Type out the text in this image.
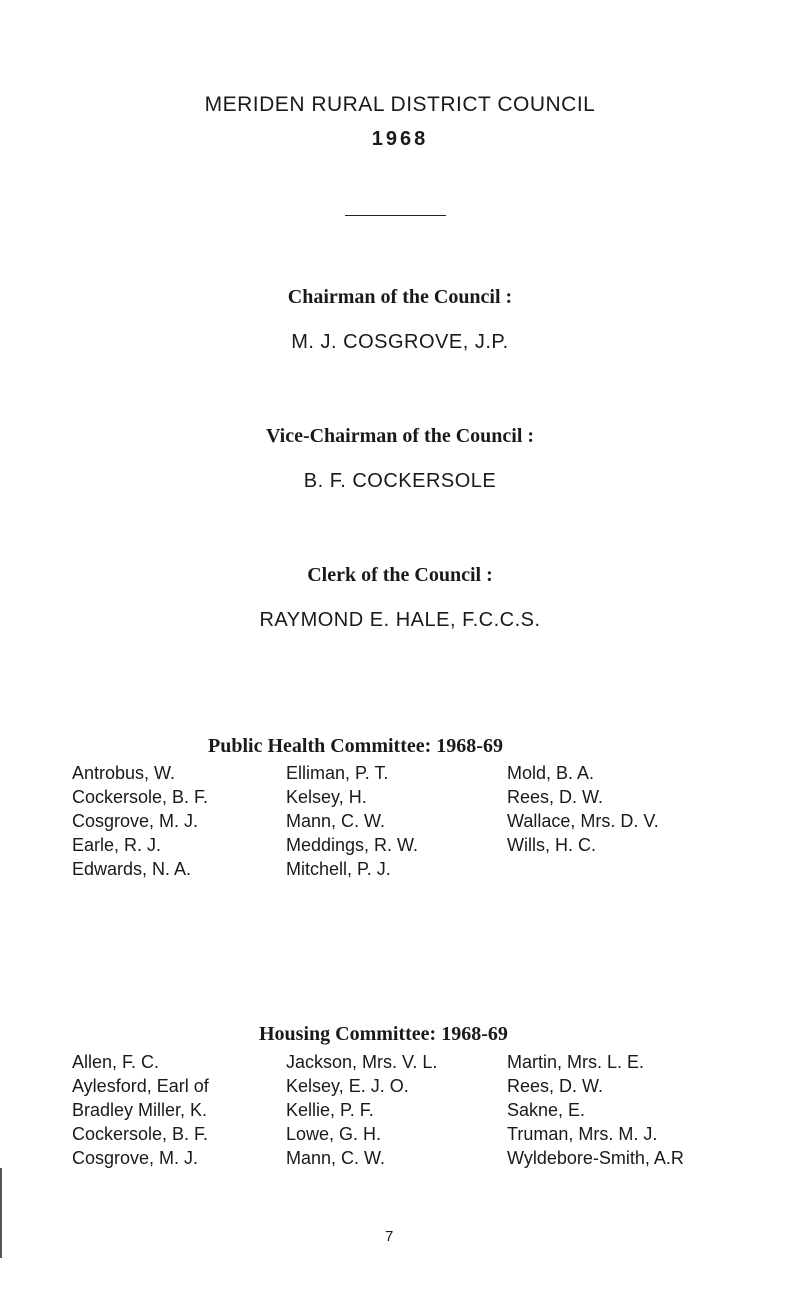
MERIDEN RURAL DISTRICT COUNCIL
1968
Chairman of the Council :
M. J. COSGROVE, J.P.
Vice-Chairman of the Council :
B. F. COCKERSOLE
Clerk of the Council :
RAYMOND E. HALE, F.C.C.S.
Public Health Committee: 1968-69
Antrobus, W.
Cockersole, B. F.
Cosgrove, M. J.
Earle, R. J.
Edwards, N. A.
Elliman, P. T.
Kelsey, H.
Mann, C. W.
Meddings, R. W.
Mitchell, P. J.
Mold, B. A.
Rees, D. W.
Wallace, Mrs. D. V.
Wills, H. C.
Housing Committee: 1968-69
Allen, F. C.
Aylesford, Earl of
Bradley Miller, K.
Cockersole, B. F.
Cosgrove, M. J.
Jackson, Mrs. V. L.
Kelsey, E. J. O.
Kellie, P. F.
Lowe, G. H.
Mann, C. W.
Martin, Mrs. L. E.
Rees, D. W.
Sakne, E.
Truman, Mrs. M. J.
Wyldebore-Smith, A.R
7
